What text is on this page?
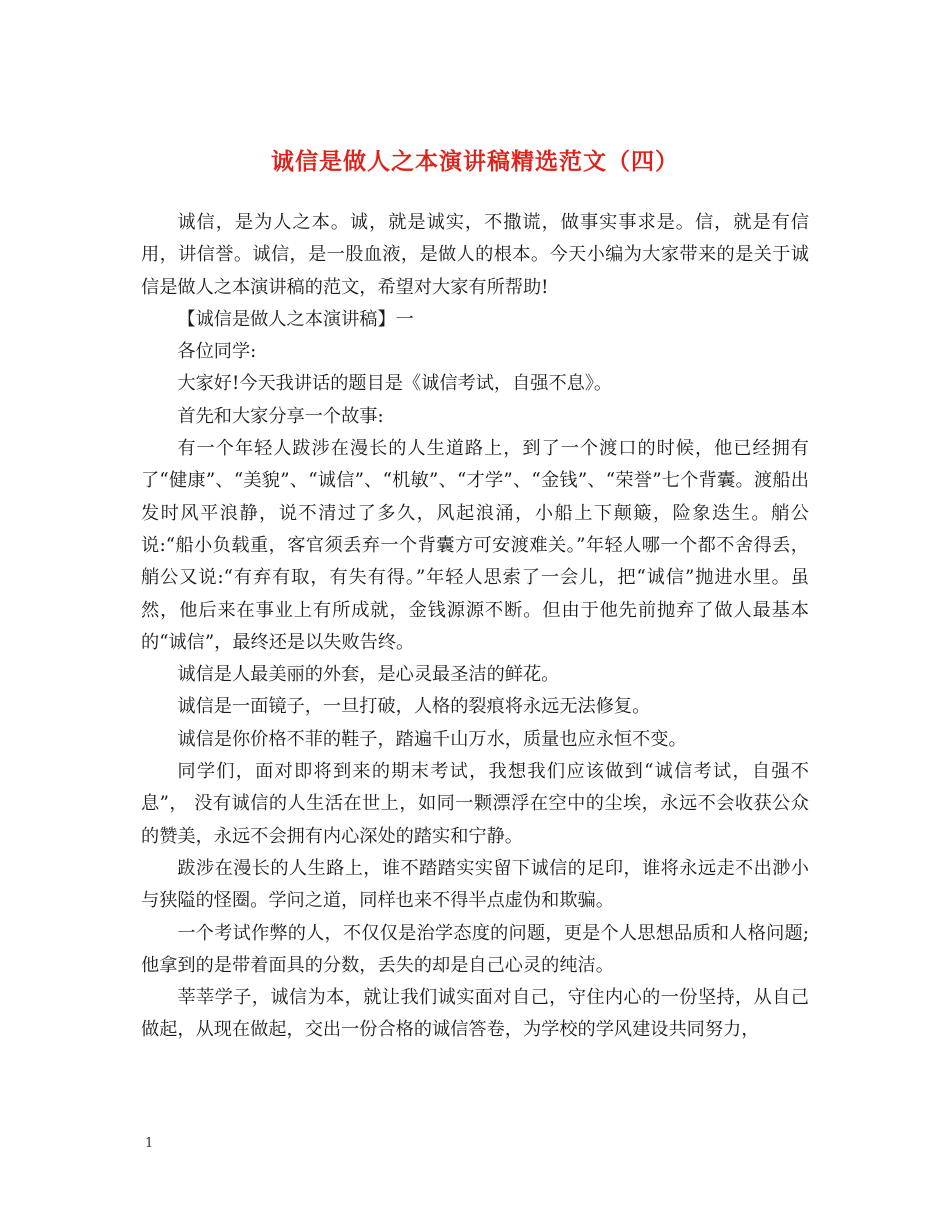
诚信是做人之本演讲稿精选范文（四）

诚信，是为人之本。诚，就是诚实，不撒谎，做事实事求是。信，就是有信用，讲信誉。诚信，是一股血液，是做人的根本。今天小编为大家带来的是关于诚信是做人之本演讲稿的范文，希望对大家有所帮助!

【诚信是做人之本演讲稿】一

各位同学:

大家好!今天我讲话的题目是《诚信考试，自强不息》。

首先和大家分享一个故事:

有一个年轻人跋涉在漫长的人生道路上，到了一个渡口的时候，他已经拥有了“健康”、“美貌”、“诚信”、“机敏”、“才学”、“金钱”、“荣誉”七个背囊。渡船出发时风平浪静，说不清过了多久，风起浪涌，小船上下颠簸，险象迭生。艄公说:“船小负载重，客官须丢弃一个背囊方可安渡难关。”年轻人哪一个都不舍得丢，艄公又说:“有弃有取，有失有得。”年轻人思索了一会儿，把“诚信”抛进水里。虽然，他后来在事业上有所成就，金钱源源不断。但由于他先前抛弃了做人最基本的“诚信”，最终还是以失败告终。

诚信是人最美丽的外套，是心灵最圣洁的鲜花。

诚信是一面镜子，一旦打破，人格的裂痕将永远无法修复。

诚信是你价格不菲的鞋子，踏遍千山万水，质量也应永恒不变。

同学们，面对即将到来的期末考试，我想我们应该做到“诚信考试，自强不息”， 没有诚信的人生活在世上，如同一颗漂浮在空中的尘埃，永远不会收获公众的赞美，永远不会拥有内心深处的踏实和宁静。

跋涉在漫长的人生路上，谁不踏踏实实留下诚信的足印，谁将永远走不出渺小与狭隘的怪圈。学问之道，同样也来不得半点虚伪和欺骗。

一个考试作弊的人，不仅仅是治学态度的问题，更是个人思想品质和人格问题;他拿到的是带着面具的分数，丢失的却是自己心灵的纯洁。

莘莘学子，诚信为本，就让我们诚实面对自己，守住内心的一份坚持，从自己做起，从现在做起，交出一份合格的诚信答卷，为学校的学风建设共同努力，

1
